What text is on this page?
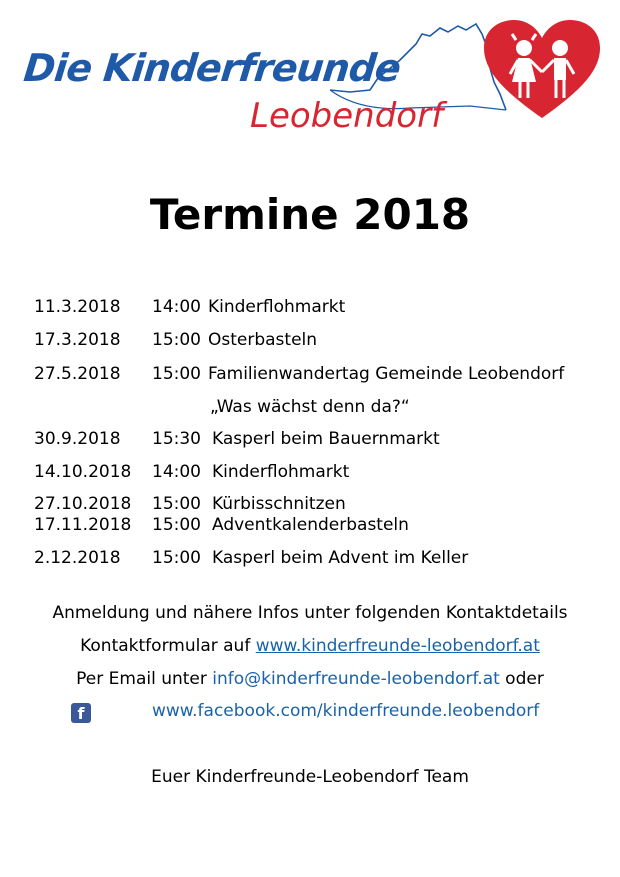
Die Kinderfreunde
Leobendorf
Termine 2018
11.3.2018 14:00 Kinderflohmarkt
17.3.2018 15:00 Osterbasteln
27.5.2018 15:00 Familienwandertag Gemeinde Leobendorf
„Was wächst denn da?“
30.9.2018 15:30 Kasperl beim Bauernmarkt
14.10.2018 14:00 Kinderflohmarkt
27.10.2018 15:00 Kürbisschnitzen
17.11.2018 15:00 Adventkalenderbasteln
2.12.2018 15:00 Kasperl beim Advent im Keller
Anmeldung und nähere Infos unter folgenden Kontaktdetails
Kontaktformular auf www.kinderfreunde-leobendorf.at
Per Email unter info@kinderfreunde-leobendorf.at oder
f	www.facebook.com/kinderfreunde.leobendorf
Euer Kinderfreunde-Leobendorf Team
